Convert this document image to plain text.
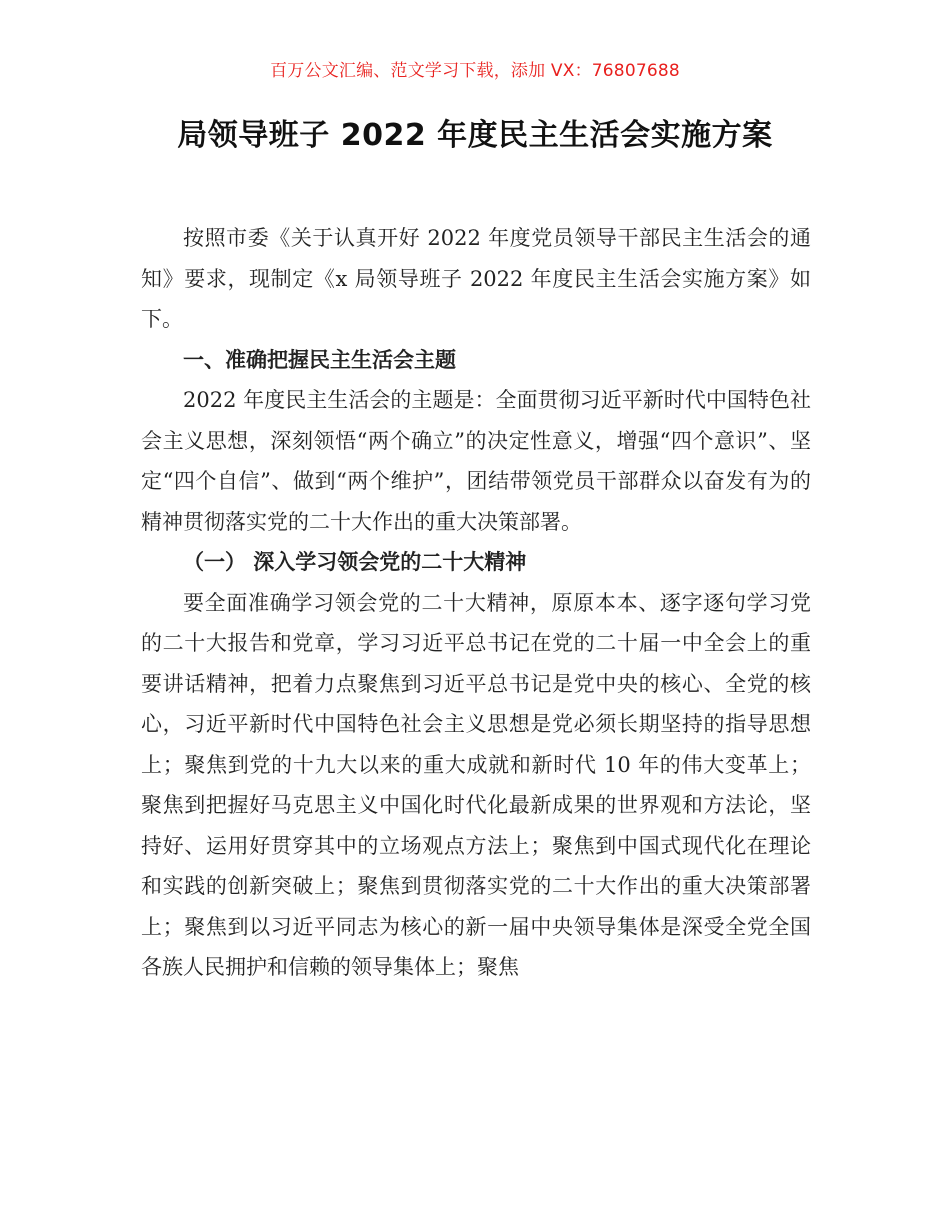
百万公文汇编、范文学习下载，添加 VX：76807688
局领导班子 2022 年度民主生活会实施方案

按照市委《关于认真开好 2022 年度党员领导干部民主生活会的通知》要求，现制定《x 局领导班子 2022 年度民主生活会实施方案》如下。

一、准确把握民主生活会主题

2022 年度民主生活会的主题是：全面贯彻习近平新时代中国特色社会主义思想，深刻领悟“两个确立”的决定性意义，增强“四个意识”、坚定“四个自信”、做到“两个维护”，团结带领党员干部群众以奋发有为的精神贯彻落实党的二十大作出的重大决策部署。

（一） 深入学习领会党的二十大精神

要全面准确学习领会党的二十大精神，原原本本、逐字逐句学习党的二十大报告和党章，学习习近平总书记在党的二十届一中全会上的重要讲话精神，把着力点聚焦到习近平总书记是党中央的核心、全党的核心，习近平新时代中国特色社会主义思想是党必须长期坚持的指导思想上；聚焦到党的十九大以来的重大成就和新时代 10 年的伟大变革上；聚焦到把握好马克思主义中国化时代化最新成果的世界观和方法论，坚持好、运用好贯穿其中的立场观点方法上；聚焦到中国式现代化在理论和实践的创新突破上；聚焦到贯彻落实党的二十大作出的重大决策部署上；聚焦到以习近平同志为核心的新一届中央领导集体是深受全党全国各族人民拥护和信赖的领导集体上；聚焦
